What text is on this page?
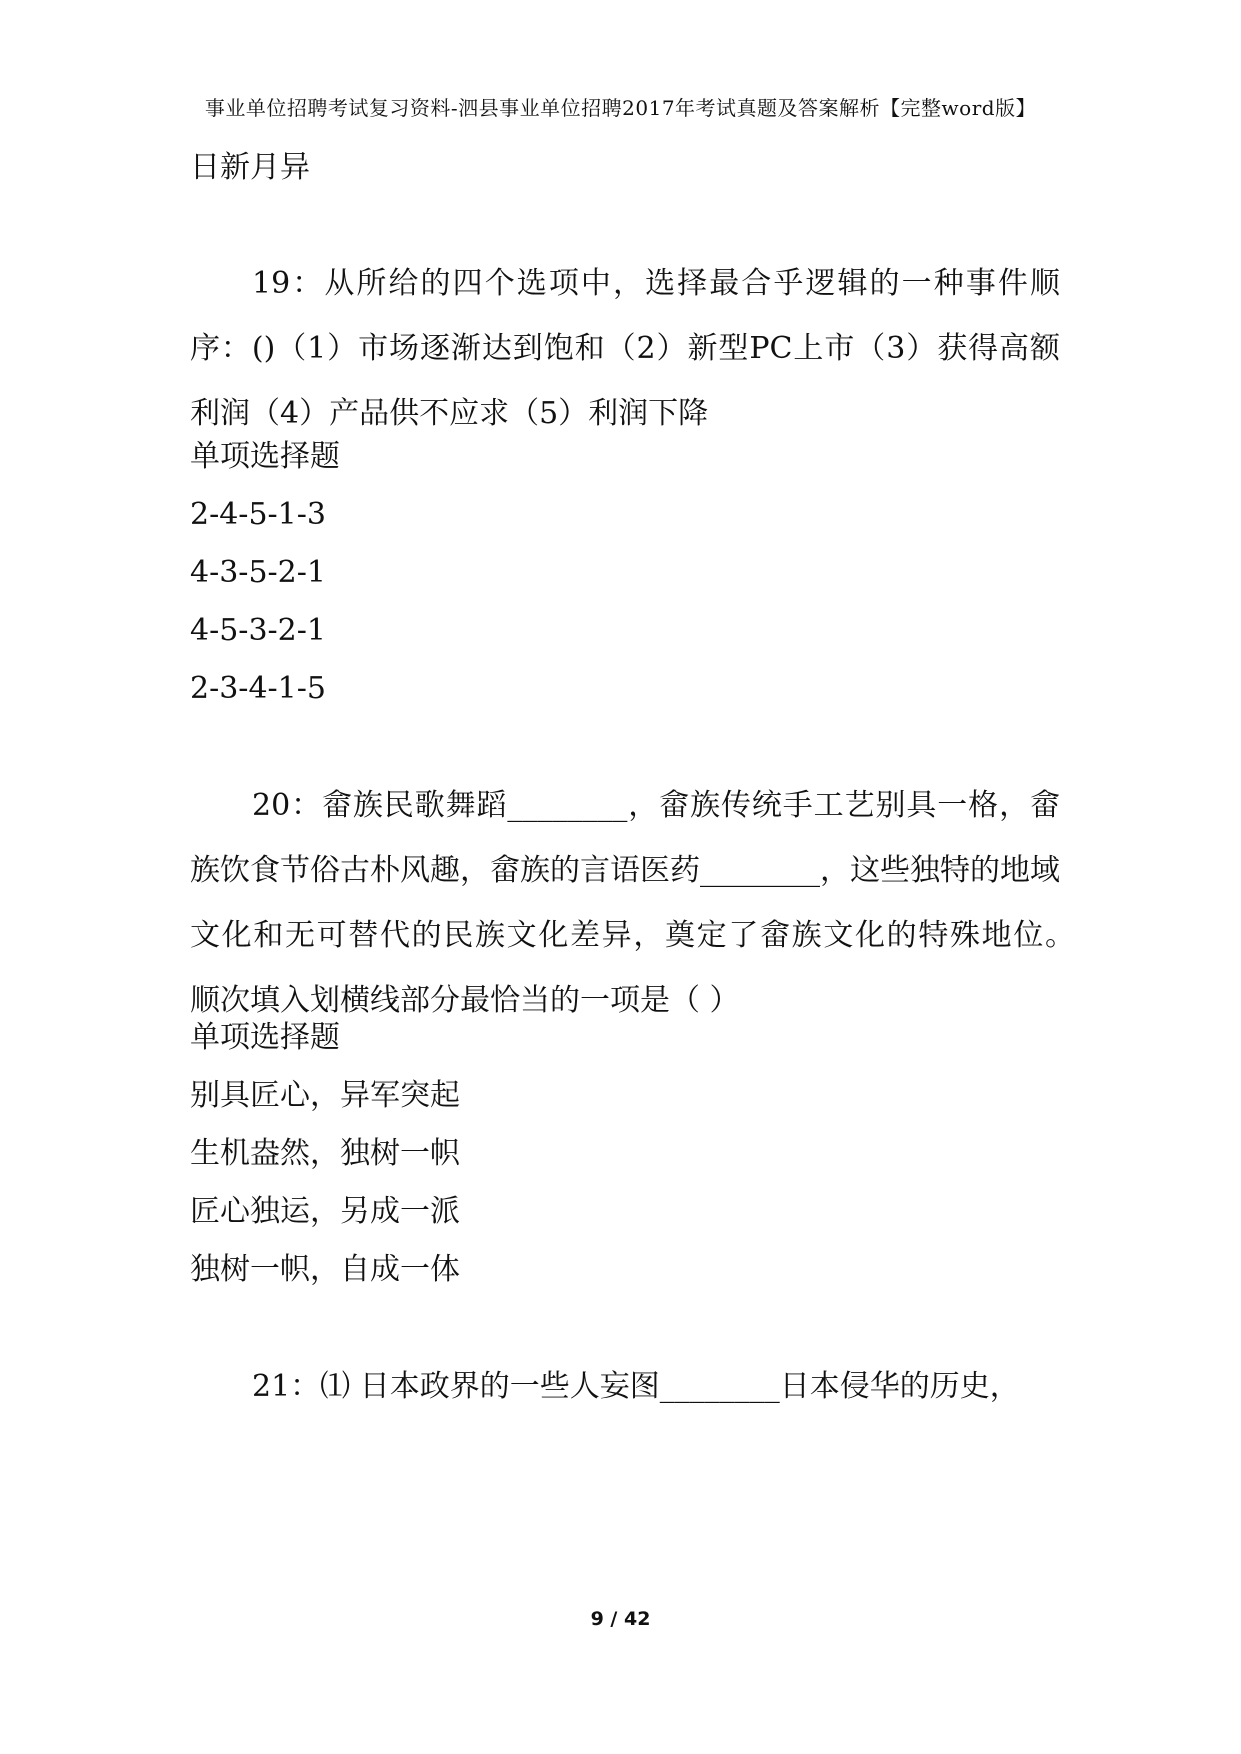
事业单位招聘考试复习资料-泗县事业单位招聘2017年考试真题及答案解析【完整word版】
日新月异
19：从所给的四个选项中，选择最合乎逻辑的一种事件顺序：()（1）市场逐渐达到饱和（2）新型PC上市（3）获得高额利润（4）产品供不应求（5）利润下降
单项选择题
2-4-5-1-3
4-3-5-2-1
4-5-3-2-1
2-3-4-1-5
20：畲族民歌舞蹈________，畲族传统手工艺别具一格，畲族饮食节俗古朴风趣，畲族的言语医药________，这些独特的地域文化和无可替代的民族文化差异，奠定了畲族文化的特殊地位。　　顺次填入划横线部分最恰当的一项是（ ）
单项选择题
别具匠心，异军突起
生机盎然，独树一帜
匠心独运，另成一派
独树一帜，自成一体
21：⑴ 日本政界的一些人妄图________日本侵华的历史，
9 / 42
